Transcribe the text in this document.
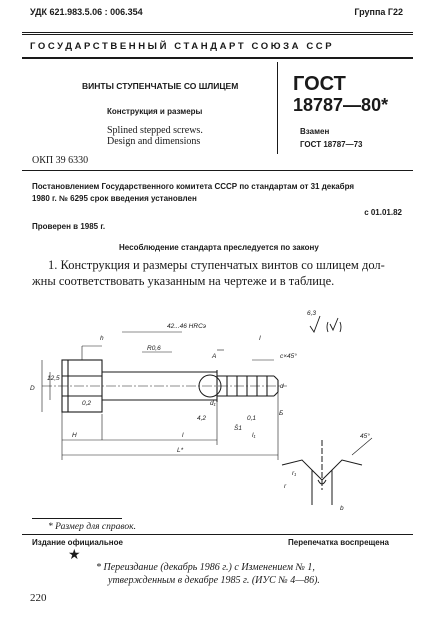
УДК 621.983.5.06 : 006.354	Группа Г22
ГОСУДАРСТВЕННЫЙ СТАНДАРТ СОЮЗА ССР
ВИНТЫ СТУПЕНЧАТЫЕ СО ШЛИЦЕМ
Конструкция и размеры
Splined stepped screws.
Design and dimensions
ГОСТ
18787—80*
Взамен
ГОСТ 18787—73
ОКП 39 6330
Постановлением Государственного комитета СССР по стандартам от 31 декабря
1980 г. № 6295 срок введения установлен
с 01.01.82
Проверен в 1985 г.
Несоблюдение стандарта преследуется по закону
1. Конструкция и размеры ступенчатых винтов со шлицем дол-
жны соответствовать указанным на чертеже и в таблице.
6,3
42...46 HRCэ
R0,6
A
I
c×45°
h
D
d₁
d
l	l₁
L*
H
Б
12,5
0,2
0,1
4,2
Ŝ1
45°
r₁
r
b
* Размер для справок.
Издание официальное	Перепечатка воспрещена
★
* Переиздание (декабрь 1986 г.) с Изменением № 1,
утвержденным в декабре 1985 г. (ИУС № 4—86).
220
